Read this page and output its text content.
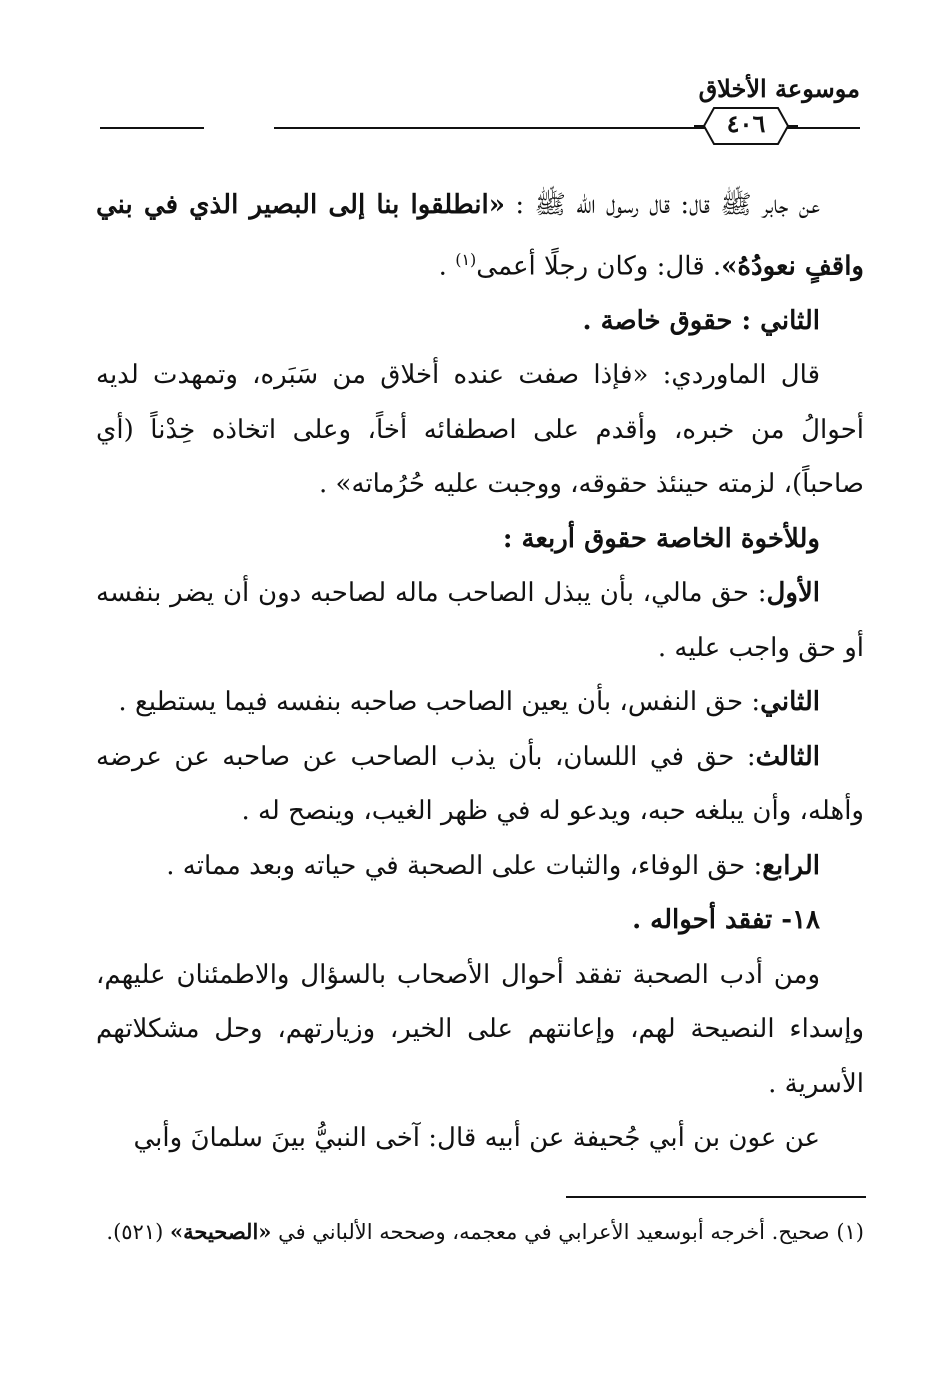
موسوعة الأخلاق
٤٠٦

عن جابر ﷺ قال: قال رسول الله ﷺ : «انطلقوا بنا إلى البصير الذي في بني واقفٍ نعودُهُ». قال: وكان رجلًا أعمى$^{(١)}$ .

الثاني : حقوق خاصة .

قال الماوردي: «فإذا صفت عنده أخلاق من سَبَره، وتمهدت لديه أحوالُ من خبره، وأقدم على اصطفائه أخاً، وعلى اتخاذه خِدْناً (أي صاحباً)، لزمته حينئذ حقوقه، ووجبت عليه حُرُماته» .

وللأخوة الخاصة حقوق أربعة :

الأول: حق مالي، بأن يبذل الصاحب ماله لصاحبه دون أن يضر بنفسه أو حق واجب عليه .

الثاني: حق النفس، بأن يعين الصاحب صاحبه بنفسه فيما يستطيع .

الثالث: حق في اللسان، بأن يذب الصاحب عن صاحبه عن عرضه وأهله، وأن يبلغه حبه، ويدعو له في ظهر الغيب، وينصح له .

الرابع: حق الوفاء، والثبات على الصحبة في حياته وبعد مماته .

١٨- تفقد أحواله .

ومن أدب الصحبة تفقد أحوال الأصحاب بالسؤال والاطمئنان عليهم، وإسداء النصيحة لهم، وإعانتهم على الخير، وزيارتهم، وحل مشكلاتهم الأسرية .

عن عون بن أبي جُحيفة عن أبيه قال: آخى النبيُّ بينَ سلمانَ وأبي

(١) صحيح. أخرجه أبوسعيد الأعرابي في معجمه، وصححه الألباني في «الصحيحة» (٥٢١).
